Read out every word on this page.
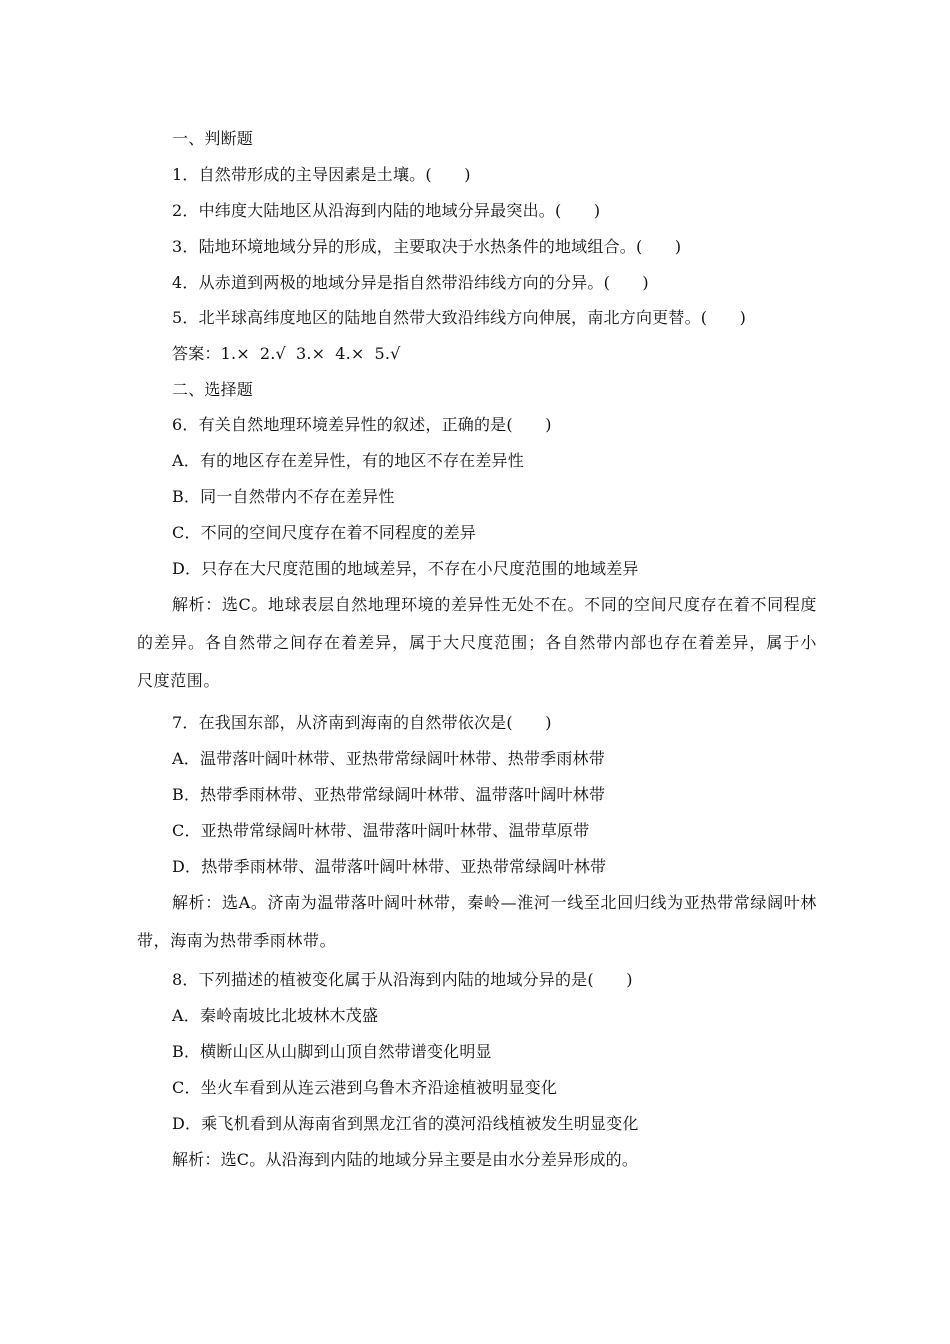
一、判断题
1．自然带形成的主导因素是土壤。(　　)
2．中纬度大陆地区从沿海到内陆的地域分异最突出。(　　)
3．陆地环境地域分异的形成，主要取决于水热条件的地域组合。(　　)
4．从赤道到两极的地域分异是指自然带沿纬线方向的分异。(　　)
5．北半球高纬度地区的陆地自然带大致沿纬线方向伸展，南北方向更替。(　　)
答案：1.× 2.√ 3.× 4.× 5.√
二、选择题
6．有关自然地理环境差异性的叙述，正确的是(　　)
A．有的地区存在差异性，有的地区不存在差异性
B．同一自然带内不存在差异性
C．不同的空间尺度存在着不同程度的差异
D．只存在大尺度范围的地域差异，不存在小尺度范围的地域差异
解析：选C。地球表层自然地理环境的差异性无处不在。不同的空间尺度存在着不同程度的差异。各自然带之间存在着差异，属于大尺度范围；各自然带内部也存在着差异，属于小尺度范围。
7．在我国东部，从济南到海南的自然带依次是(　　)
A．温带落叶阔叶林带、亚热带常绿阔叶林带、热带季雨林带
B．热带季雨林带、亚热带常绿阔叶林带、温带落叶阔叶林带
C．亚热带常绿阔叶林带、温带落叶阔叶林带、温带草原带
D．热带季雨林带、温带落叶阔叶林带、亚热带常绿阔叶林带
解析：选A。济南为温带落叶阔叶林带，秦岭—淮河一线至北回归线为亚热带常绿阔叶林带，海南为热带季雨林带。
8．下列描述的植被变化属于从沿海到内陆的地域分异的是(　　)
A．秦岭南坡比北坡林木茂盛
B．横断山区从山脚到山顶自然带谱变化明显
C．坐火车看到从连云港到乌鲁木齐沿途植被明显变化
D．乘飞机看到从海南省到黑龙江省的漠河沿线植被发生明显变化
解析：选C。从沿海到内陆的地域分异主要是由水分差异形成的。
